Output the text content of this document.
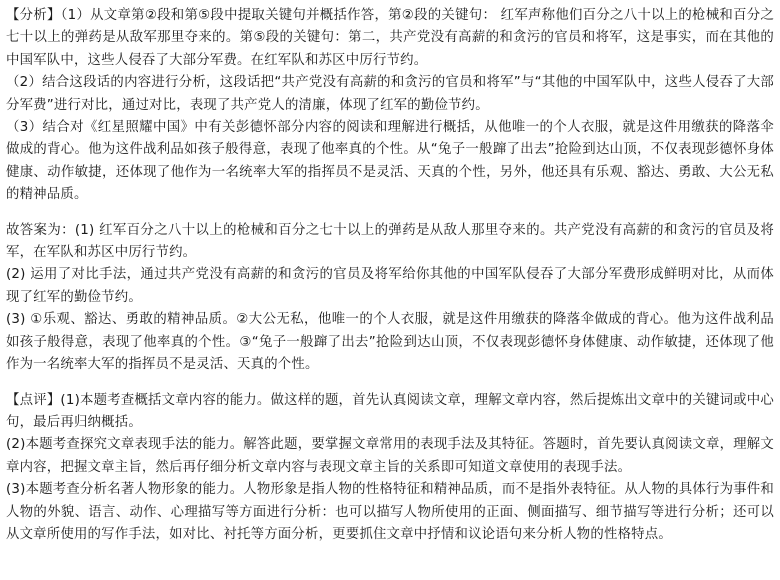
【分析】（1）从文章第②段和第⑤段中提取关键句并概括作答，第②段的关键句： 红军声称他们百分之八十以上的枪械和百分之七十以上的弹药是从敌军那里夺来的。第⑤段的关键句：第二，共产党没有高薪的和贪污的官员和将军，这是事实，而在其他的中国军队中，这些人侵吞了大部分军费。在红军队和苏区中厉行节约。

（2）结合这段话的内容进行分析，这段话把“共产党没有高薪的和贪污的官员和将军”与“其他的中国军队中，这些人侵吞了大部分军费”进行对比，通过对比，表现了共产党人的清廉，体现了红军的勤俭节约。

（3）结合对《红星照耀中国》中有关彭德怀部分内容的阅读和理解进行概括，从他唯一的个人衣服，就是这件用缴获的降落伞做成的背心。他为这件战利品如孩子般得意，表现了他率真的个性。从“兔子一般蹿了出去”抢险到达山顶，不仅表现彭德怀身体健康、动作敏捷，还体现了他作为一名统率大军的指挥员不是灵活、天真的个性，另外，他还具有乐观、豁达、勇敢、大公无私的精神品质。

故答案为：(1) 红军百分之八十以上的枪械和百分之七十以上的弹药是从敌人那里夺来的。共产党没有高薪的和贪污的官员及将军，在军队和苏区中厉行节约。

(2) 运用了对比手法，通过共产党没有高薪的和贪污的官员及将军给你其他的中国军队侵吞了大部分军费形成鲜明对比，从而体现了红军的勤俭节约。

(3) ①乐观、豁达、勇敢的精神品质。②大公无私，他唯一的个人衣服，就是这件用缴获的降落伞做成的背心。他为这件战利品如孩子般得意，表现了他率真的个性。③“兔子一般蹿了出去”抢险到达山顶，不仅表现彭德怀身体健康、动作敏捷，还体现了他作为一名统率大军的指挥员不是灵活、天真的个性。

【点评】(1)本题考查概括文章内容的能力。做这样的题，首先认真阅读文章，理解文章内容，然后提炼出文章中的关键词或中心句，最后再归纳概括。

(2)本题考查探究文章表现手法的能力。解答此题，要掌握文章常用的表现手法及其特征。答题时，首先要认真阅读文章，理解文章内容，把握文章主旨，然后再仔细分析文章内容与表现文章主旨的关系即可知道文章使用的表现手法。

(3)本题考查分析名著人物形象的能力。人物形象是指人物的性格特征和精神品质，而不是指外表特征。从人物的具体行为事件和人物的外貌、语言、动作、心理描写等方面进行分析：也可以描写人物所使用的正面、侧面描写、细节描写等进行分析；还可以从文章所使用的写作手法，如对比、衬托等方面分析，更要抓住文章中抒情和议论语句来分析人物的性格特点。
